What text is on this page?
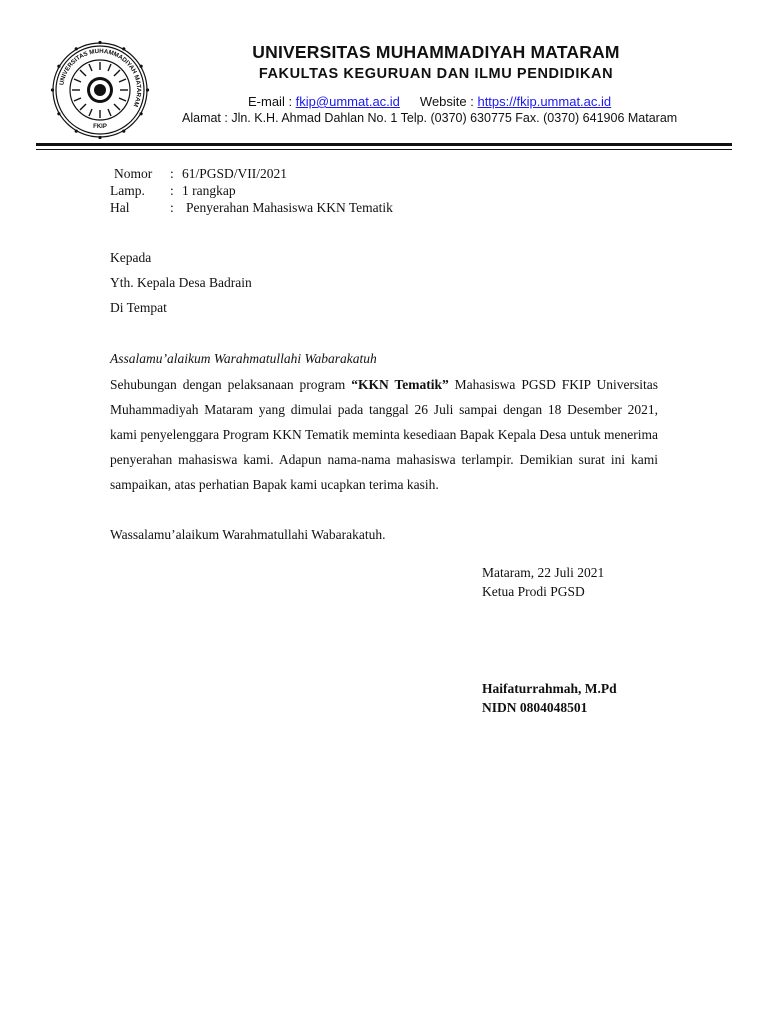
UNIVERSITAS MUHAMMADIYAH MATARAM
FKIP
UNIVERSITAS MUHAMMADIYAH MATARAM
FAKULTAS KEGURUAN DAN ILMU PENDIDIKAN
E-mail : fkip@ummat.ac.id Website : https://fkip.ummat.ac.id
Alamat : Jln. K.H. Ahmad Dahlan No. 1 Telp. (0370) 630775 Fax. (0370) 641906 Mataram
Nomor : 61/PGSD/VII/2021
Lamp. : 1 rangkap
Hal	: Penyerahan Mahasiswa KKN Tematik
Kepada
Yth. Kepala Desa Badrain
Di Tempat
Assalamu’alaikum Warahmatullahi Wabarakatuh
Sehubungan dengan pelaksanaan program “KKN Tematik” Mahasiswa PGSD FKIP Universitas Muhammadiyah Mataram yang dimulai pada tanggal 26 Juli sampai dengan 18 Desember 2021, kami penyelenggara Program KKN Tematik meminta kesediaan Bapak Kepala Desa untuk menerima penyerahan mahasiswa kami. Adapun nama-nama mahasiswa terlampir. Demikian surat ini kami sampaikan, atas perhatian Bapak kami ucapkan terima kasih.
Wassalamu’alaikum Warahmatullahi Wabarakatuh.
Mataram, 22 Juli 2021
Ketua Prodi PGSD
Haifaturrahmah, M.Pd
NIDN 0804048501
